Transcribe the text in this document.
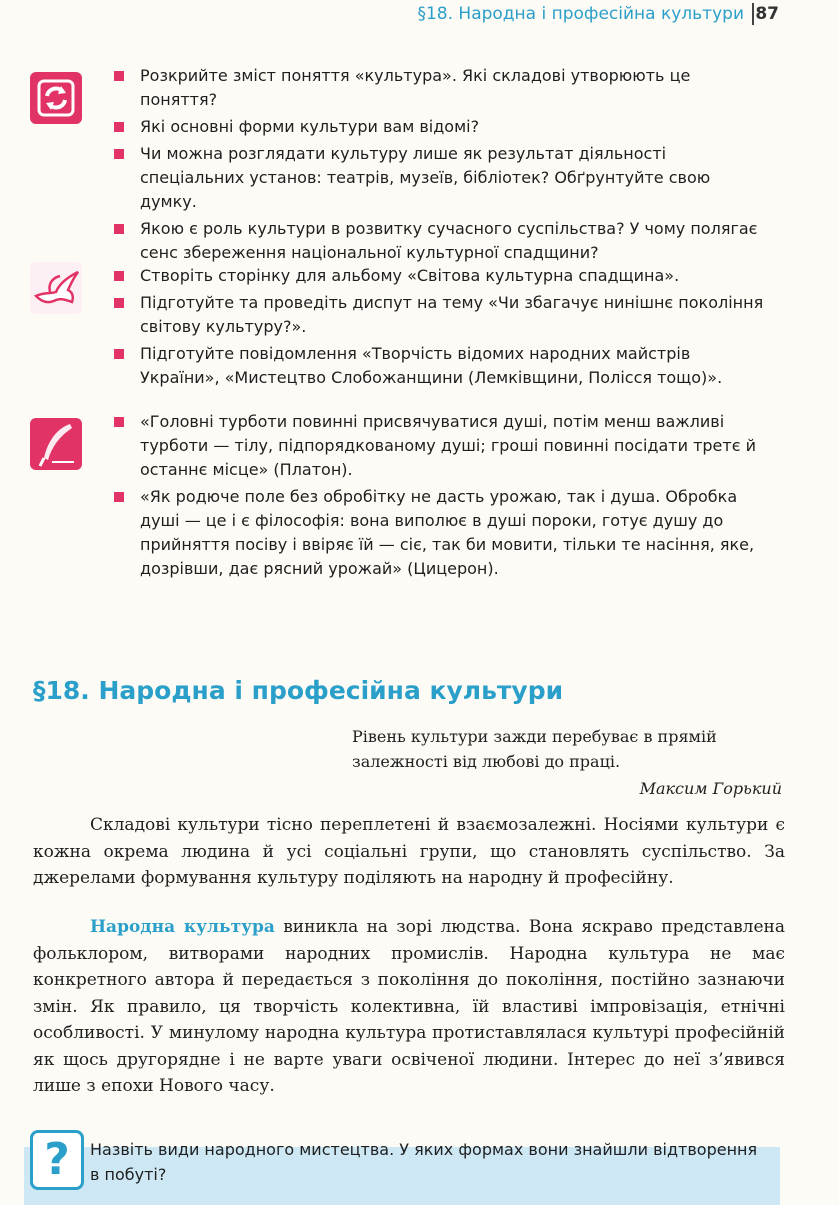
§18. Народна і професійна культури 87
Розкрийте зміст поняття «культура». Які складові утворюють це поняття?
Які основні форми культури вам відомі?
Чи можна розглядати культуру лише як результат діяльності спеціальних установ: театрів, музеїв, бібліотек? Обґрунтуйте свою думку.
Якою є роль культури в розвитку сучасного суспільства? У чому полягає сенс збереження національної культурної спадщини?
Створіть сторінку для альбому «Світова культурна спадщина».
Підготуйте та проведіть диспут на тему «Чи збагачує нинішнє покоління світову культуру?».
Підготуйте повідомлення «Творчість відомих народних майстрів України», «Мистецтво Слобожанщини (Лемківщини, Полісся тощо)».
«Головні турботи повинні присвячуватися душі, потім менш важливі турботи — тілу, підпорядкованому душі; гроші повинні посідати третє й останнє місце» (Платон).
«Як родюче поле без обробітку не дасть урожаю, так і душа. Обробка душі — це і є філософія: вона виполює в душі пороки, готує душу до прийняття посіву і ввіряє їй — сіє, так би мовити, тільки те насіння, яке, дозрівши, дає рясний урожай» (Цицерон).
§18. Народна і професійна культури
Рівень культури зажди перебуває в прямій залежності від любові до праці.
Максим Горький

Складові культури тісно переплетені й взаємозалежні. Носіями культури є кожна окрема людина й усі соціальні групи, що становлять суспільство. За джерелами формування культуру поділяють на народну й професійну.

Народна культура виникла на зорі людства. Вона яскраво представлена фольклором, витворами народних промислів. Народна культура не має конкретного автора й передається з покоління до покоління, постійно зазнаючи змін. Як правило, ця творчість колективна, їй властиві імпровізація, етнічні особливості. У минулому народна культура протиставлялася культурі професійній як щось другорядне і не варте уваги освіченої людини. Інтерес до неї з’явився лише з епохи Нового часу.

?	Назвіть види народного мистецтва. У яких формах вони знайшли відтворення в побуті?
